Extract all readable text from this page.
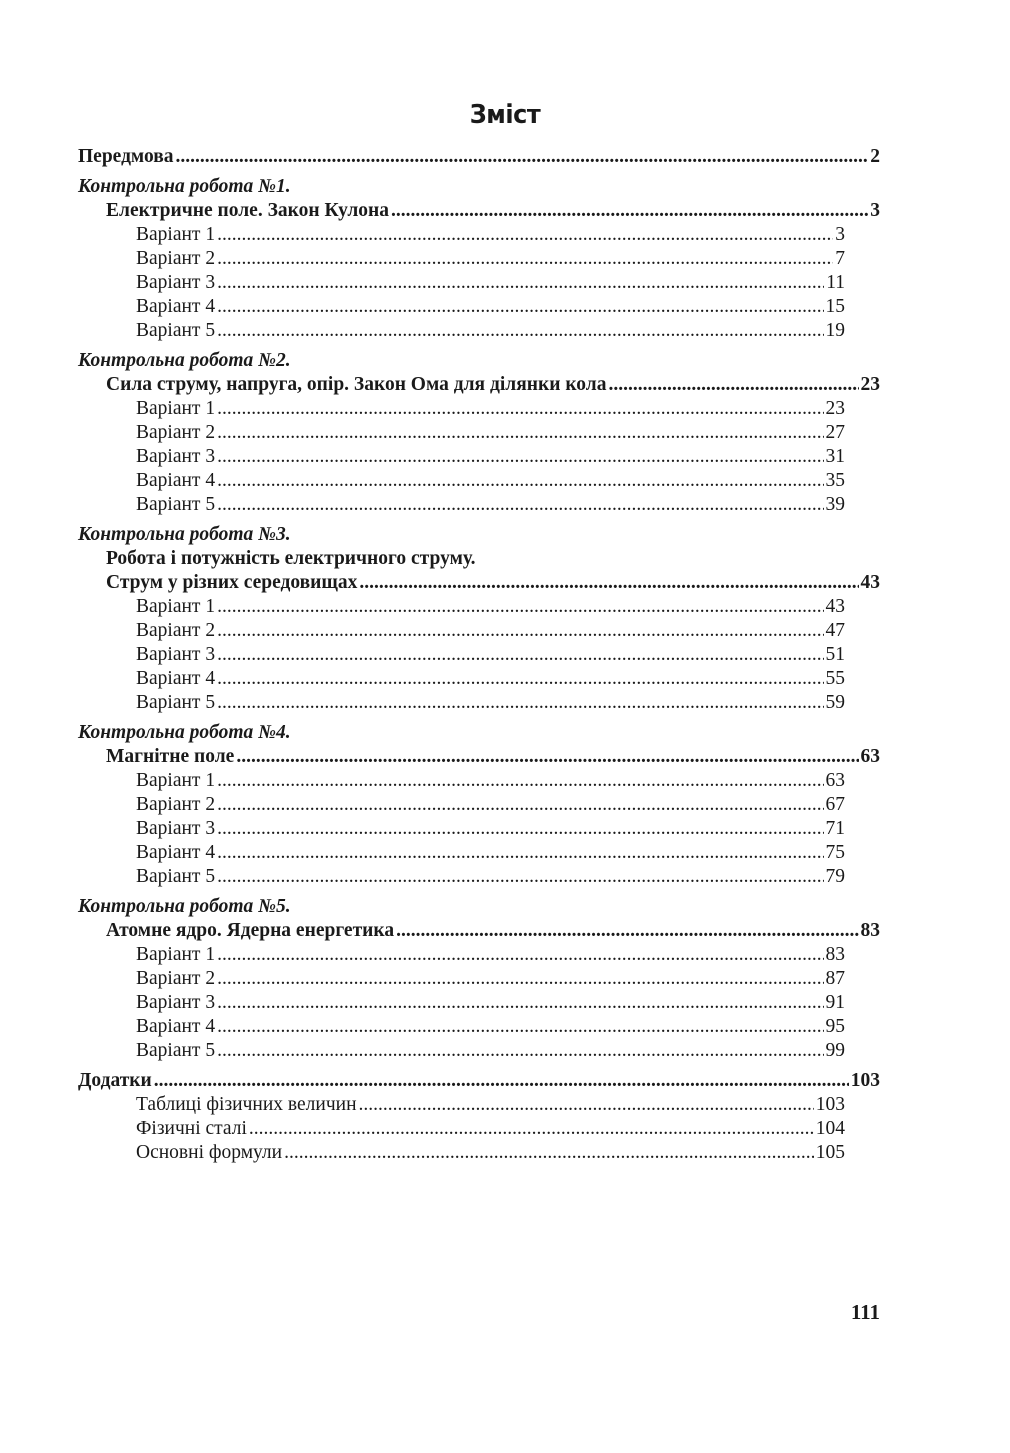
Зміст
Передмова .....	2
Контрольна робота №1.
Електричне поле. Закон Кулона .....	3
Варіант 1 .....	3
Варіант 2 .....	7
Варіант 3 .....	11
Варіант 4 .....	15
Варіант 5 .....	19
Контрольна робота №2.
Сила струму, напруга, опір. Закон Ома для ділянки кола .....	23
Варіант 1 .....	23
Варіант 2 .....	27
Варіант 3 .....	31
Варіант 4 .....	35
Варіант 5 .....	39
Контрольна робота №3.
Робота і потужність електричного струму.
Струм у різних середовищах .....	43
Варіант 1 .....	43
Варіант 2 .....	47
Варіант 3 .....	51
Варіант 4 .....	55
Варіант 5 .....	59
Контрольна робота №4.
Магнітне поле .....	63
Варіант 1 .....	63
Варіант 2 .....	67
Варіант 3 .....	71
Варіант 4 .....	75
Варіант 5 .....	79
Контрольна робота №5.
Атомне ядро. Ядерна енергетика .....	83
Варіант 1 .....	83
Варіант 2 .....	87
Варіант 3 .....	91
Варіант 4 .....	95
Варіант 5 .....	99
Додатки .....	103
Таблиці фізичних величин .....	103
Фізичні сталі .....	104
Основні формули .....	105
111
